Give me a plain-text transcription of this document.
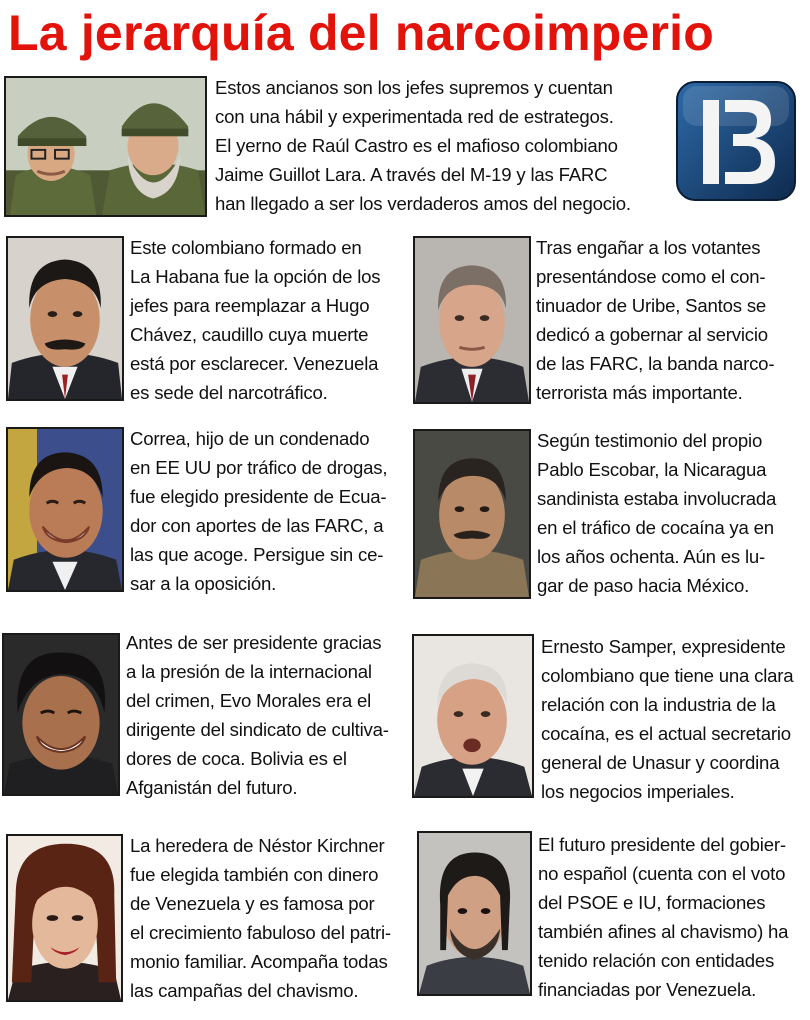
La jerarquía del narcoimperio
Estos ancianos son los jefes supremos y cuentan
con una hábil y experimentada red de estrategos.
El yerno de Raúl Castro es el mafioso colombiano
Jaime Guillot Lara. A través del M-19 y las FARC
han llegado a ser los verdaderos amos del negocio.
Este colombiano formado en
La Habana fue la opción de los
jefes para reemplazar a Hugo
Chávez, caudillo cuya muerte
está por esclarecer. Venezuela
es sede del narcotráfico.
Tras engañar a los votantes
presentándose como el con-
tinuador de Uribe, Santos se
dedicó a gobernar al servicio
de las FARC, la banda narco-
terrorista más importante.
Correa, hijo de un condenado
en EE UU por tráfico de drogas,
fue elegido presidente de Ecua-
dor con aportes de las FARC, a
las que acoge. Persigue sin ce-
sar a la oposición.
Según testimonio del propio
Pablo Escobar, la Nicaragua
sandinista estaba involucrada
en el tráfico de cocaína ya en
los años ochenta. Aún es lu-
gar de paso hacia México.
Antes de ser presidente gracias
a la presión de la internacional
del crimen, Evo Morales era el
dirigente del sindicato de cultiva-
dores de coca. Bolivia es el
Afganistán del futuro.
Ernesto Samper, expresidente
colombiano que tiene una clara
relación con la industria de la
cocaína, es el actual secretario
general de Unasur y coordina
los negocios imperiales.
La heredera de Néstor Kirchner
fue elegida también con dinero
de Venezuela y es famosa por
el crecimiento fabuloso del patri-
monio familiar. Acompaña todas
las campañas del chavismo.
El futuro presidente del gobier-
no español (cuenta con el voto
del PSOE e IU, formaciones
también afines al chavismo) ha
tenido relación con entidades
financiadas por Venezuela.
